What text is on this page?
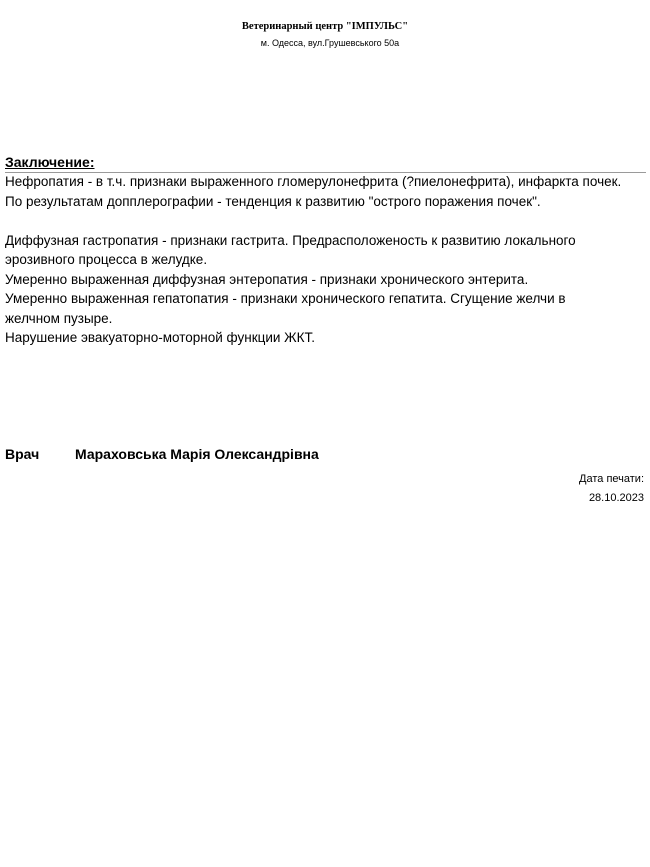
Ветеринарный центр "ІМПУЛЬС"
м. Одесса, вул.Грушевського 50а
Заключение:

Нефропатия - в т.ч. признаки выраженного гломерулонефрита (?пиелонефрита), инфаркта почек.

По результатам допплерографии - тенденция к развитию "острого поражения почек".

Диффузная гастропатия - признаки гастрита. Предрасположеность к развитию локального

эрозивного процесса в желудке.

Умеренно выраженная диффузная энтеропатия - признаки хронического энтерита.

Умеренно выраженная гепатопатия - признаки хронического гепатита. Сгущение желчи в

желчном пузыре.

Нарушение эвакуаторно-моторной функции ЖКТ.

Врач	Мараховська Марія Олександрівна
Дата печати:
28.10.2023
